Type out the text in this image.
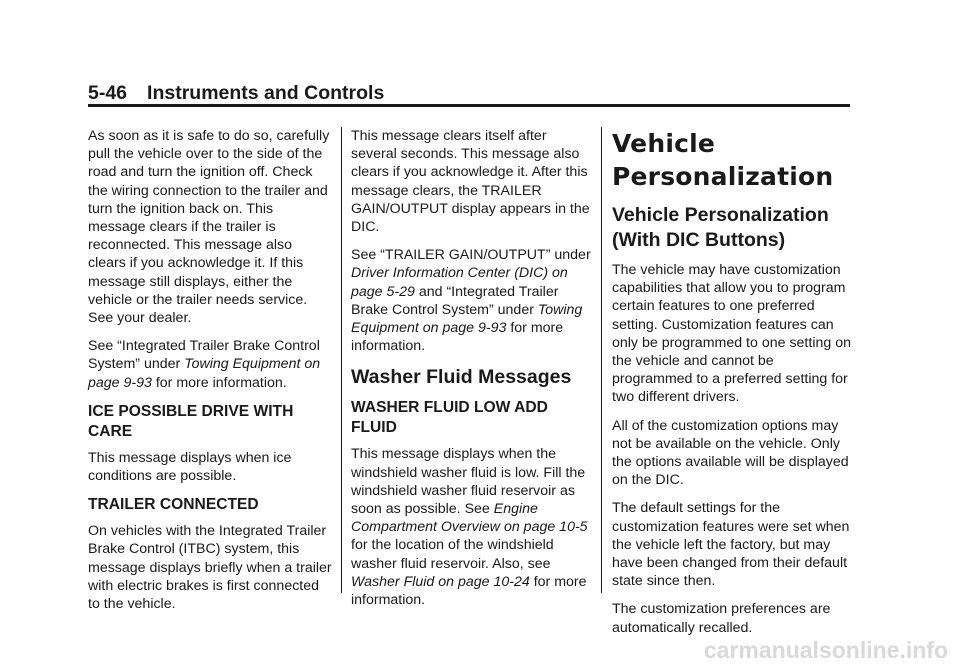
5-46 Instruments and Controls

As soon as it is safe to do so, carefully pull the vehicle over to the side of the road and turn the ignition off. Check the wiring connection to the trailer and turn the ignition back on. This message clears if the trailer is reconnected. This message also clears if you acknowledge it. If this message still displays, either the vehicle or the trailer needs service. See your dealer.

See “Integrated Trailer Brake Control System” under Towing Equipment on page 9-93 for more information.

ICE POSSIBLE DRIVE WITH CARE

This message displays when ice conditions are possible.

TRAILER CONNECTED

On vehicles with the Integrated Trailer Brake Control (ITBC) system, this message displays briefly when a trailer with electric brakes is first connected to the vehicle.

This message clears itself after several seconds. This message also clears if you acknowledge it. After this message clears, the TRAILER GAIN/OUTPUT display appears in the DIC.

See “TRAILER GAIN/OUTPUT” under Driver Information Center (DIC) on page 5-29 and “Integrated Trailer Brake Control System” under Towing Equipment on page 9-93 for more information.

Washer Fluid Messages
WASHER FLUID LOW ADD FLUID

This message displays when the windshield washer fluid is low. Fill the windshield washer fluid reservoir as soon as possible. See Engine Compartment Overview on page 10-5 for the location of the windshield washer fluid reservoir. Also, see Washer Fluid on page 10-24 for more information.

Vehicle Personalization
Vehicle Personalization (With DIC Buttons)

The vehicle may have customization capabilities that allow you to program certain features to one preferred setting. Customization features can only be programmed to one setting on the vehicle and cannot be programmed to a preferred setting for two different drivers.

All of the customization options may not be available on the vehicle. Only the options available will be displayed on the DIC.

The default settings for the customization features were set when the vehicle left the factory, but may have been changed from their default state since then.

The customization preferences are automatically recalled.

carmanualsonline.info
